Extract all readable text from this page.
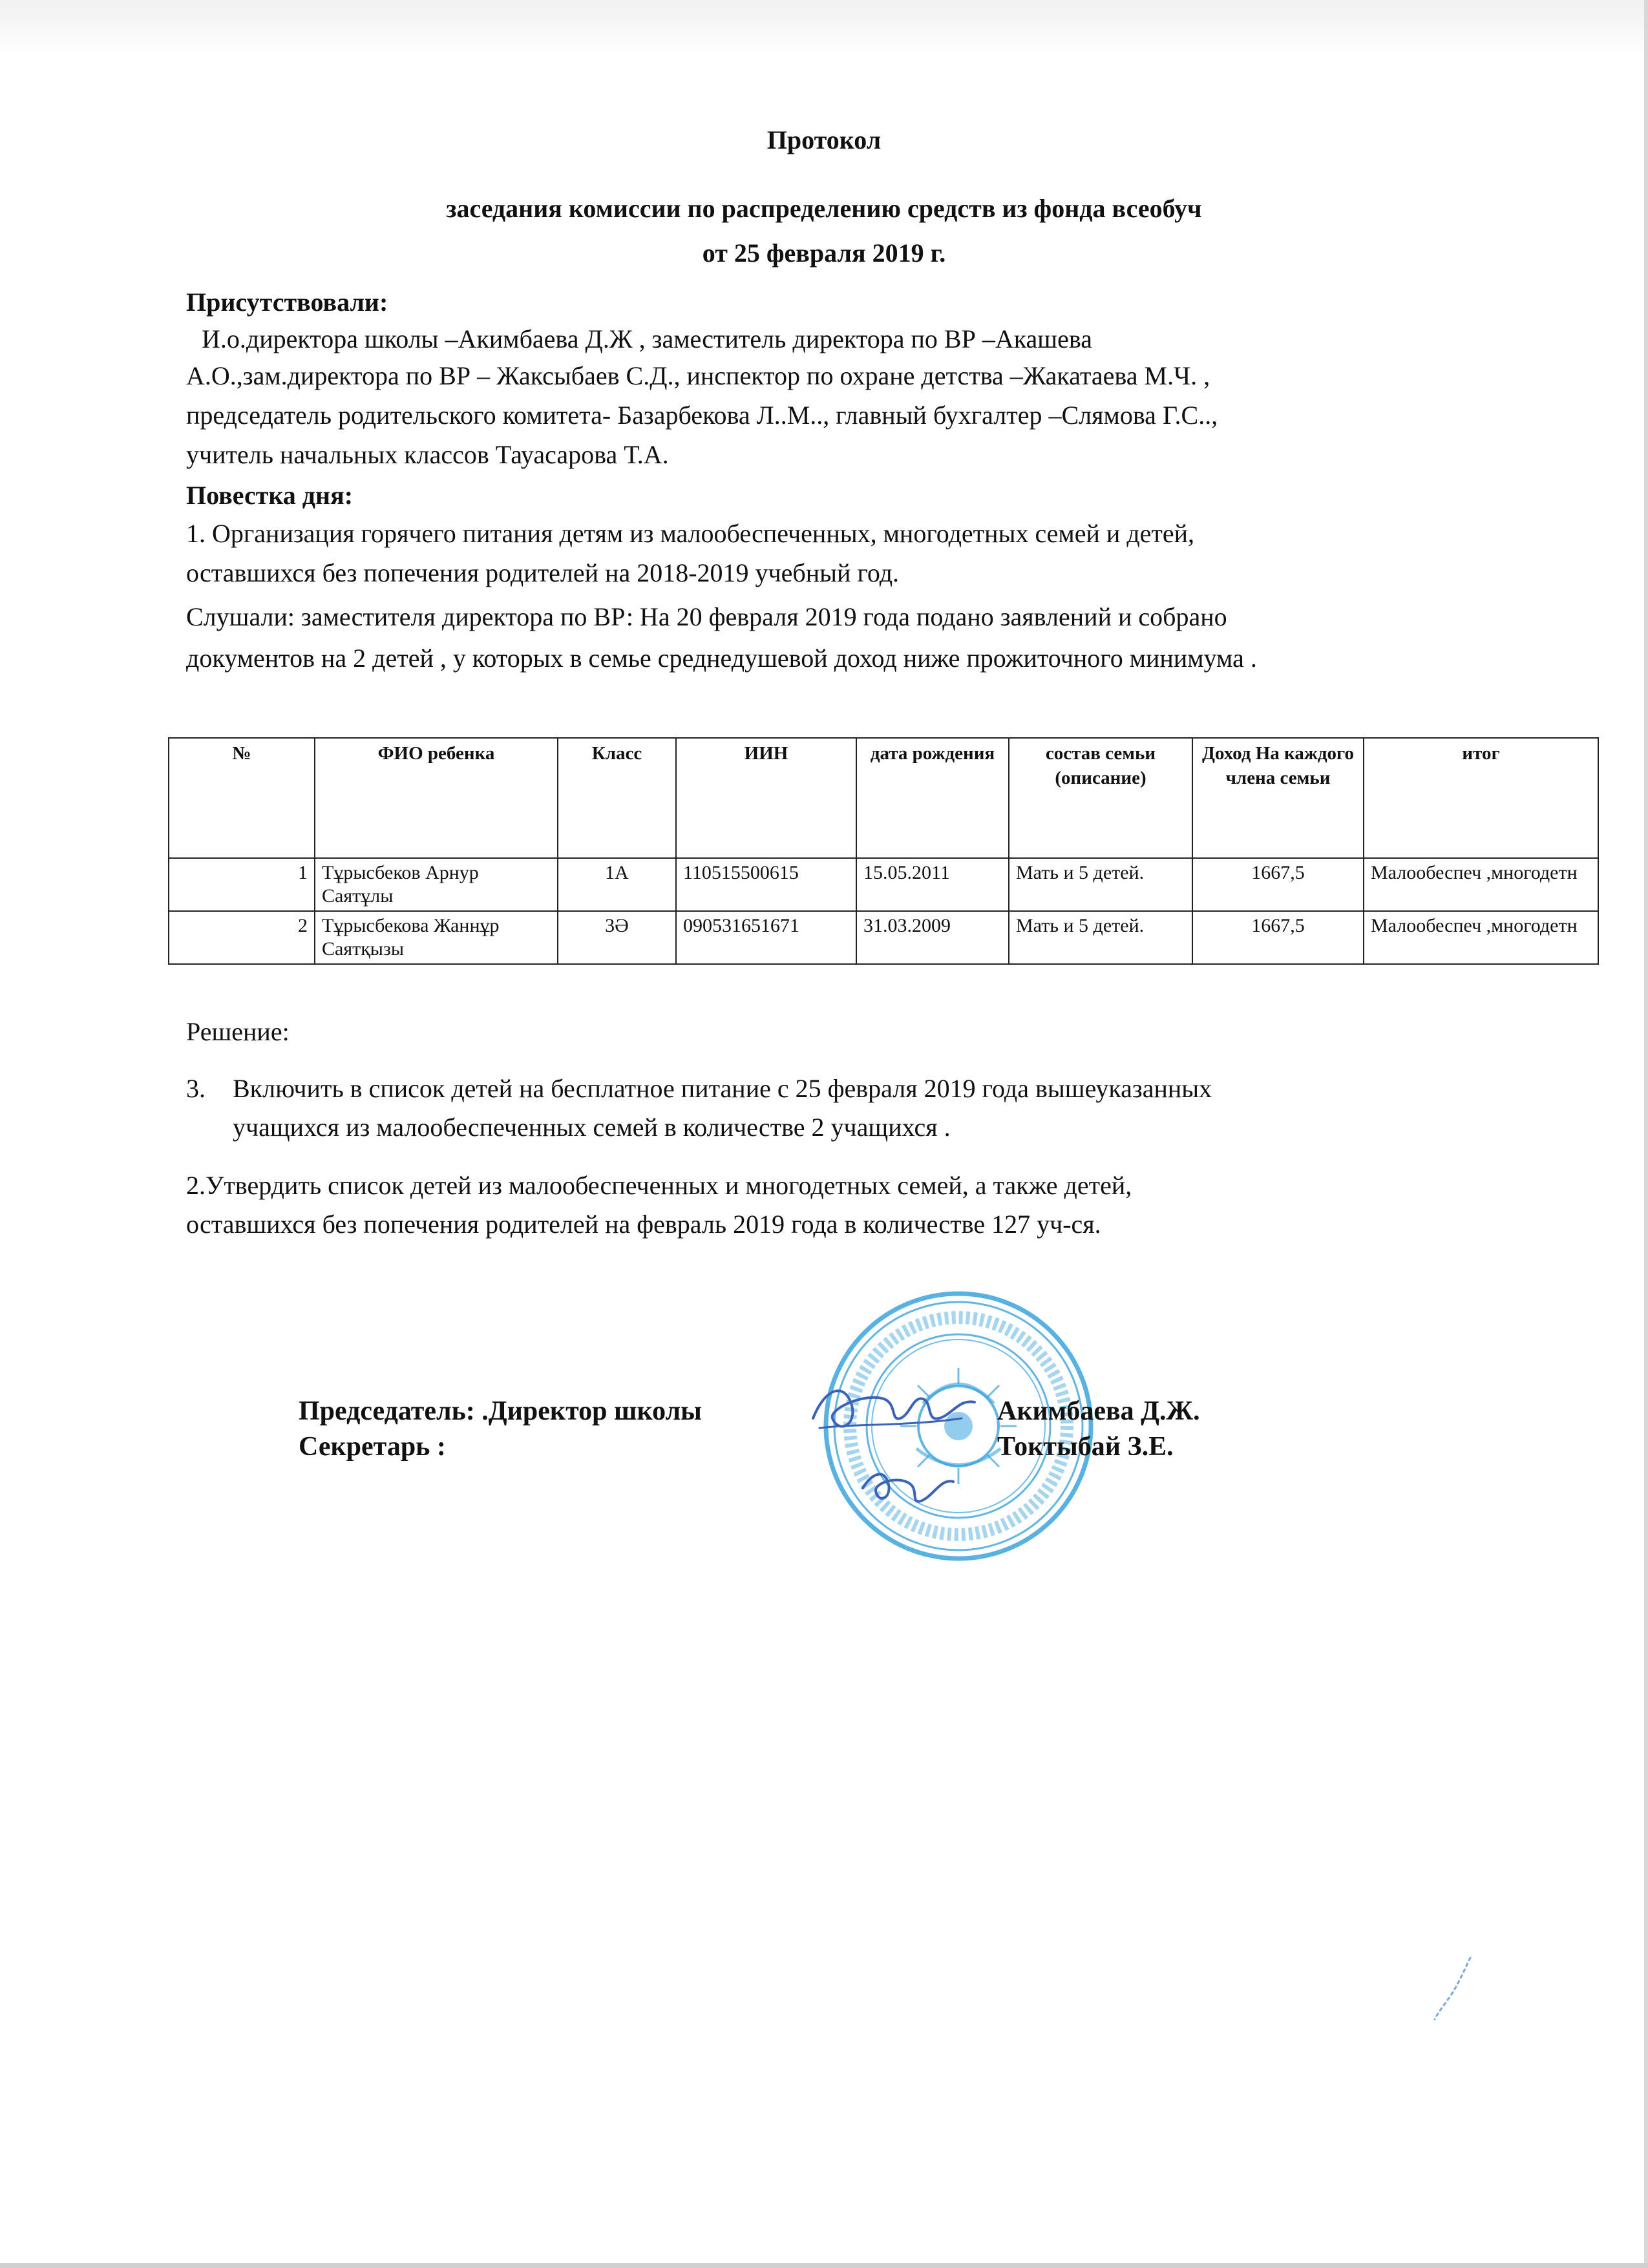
Протокол
заседания комиссии по распределению средств из фонда всеобуч
от 25 февраля 2019 г.
Присутствовали:
И.о.директора школы –Акимбаева Д.Ж , заместитель директора по ВР –Акашева
А.О.,зам.директора по ВР – Жаксыбаев С.Д., инспектор по охране детства –Жакатаева М.Ч. ,
председатель родительского комитета- Базарбекова Л..М.., главный бухгалтер –Слямова Г.С..,
учитель начальных классов Тауасарова Т.А.
Повестка дня:
1. Организация горячего питания детям из малообеспеченных, многодетных семей и детей,
оставшихся без попечения родителей на 2018-2019 учебный год.
Слушали: заместителя директора по ВР: На 20 февраля 2019 года подано заявлений и собрано
документов на 2 детей , у которых в семье среднедушевой доход ниже прожиточного минимума .
№	ФИО ребенка	Класс	ИИН	дата рождения	состав семьи (описание)	Доход На каждого члена семьи	итог
1	Тұрысбеков Арнур Саятұлы	1А	110515500615	15.05.2011	Мать и 5 детей.	1667,5	Малообеспеч ,многодетн
2	Тұрысбекова Жаннұр Саятқызы	3Ә	090531651671	31.03.2009	Мать и 5 детей.	1667,5	Малообеспеч ,многодетн
Решение:
3. Включить в список детей на бесплатное питание с 25 февраля 2019 года вышеуказанных
учащихся из малообеспеченных семей в количестве 2 учащихся .
2.Утвердить список детей из малообеспеченных и многодетных семей, а также детей,
оставшихся без попечения родителей на февраль 2019 года в количестве 127 уч-ся.
Председатель: .Директор школы	Акимбаева Д.Ж.
Секретарь :	Токтыбай З.Е.
